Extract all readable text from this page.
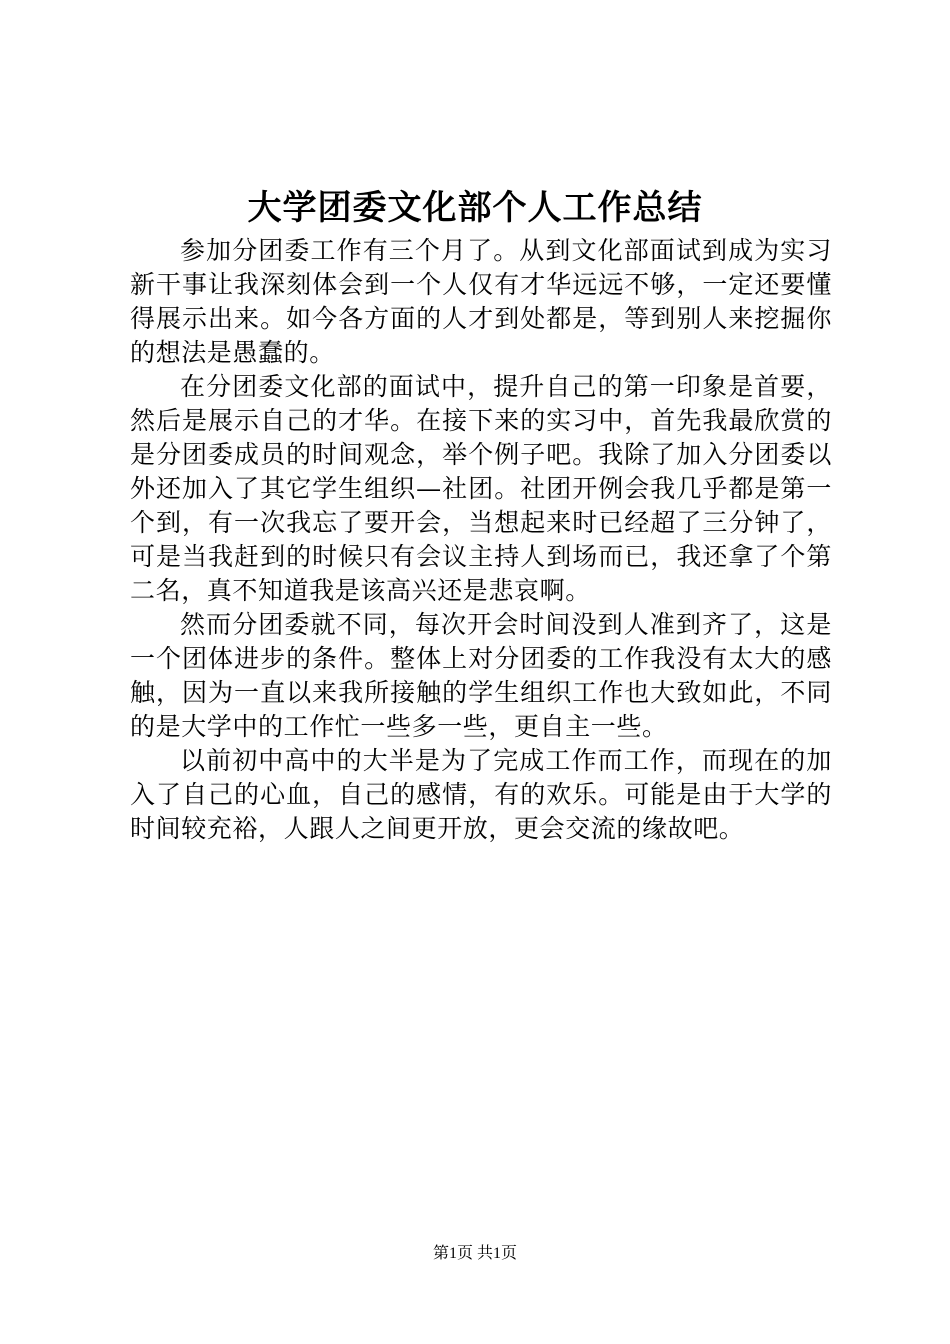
大学团委文化部个人工作总结

参加分团委工作有三个月了。从到文化部面试到成为实习新干事让我深刻体会到一个人仅有才华远远不够，一定还要懂得展示出来。如今各方面的人才到处都是，等到别人来挖掘你的想法是愚蠢的。

在分团委文化部的面试中，提升自己的第一印象是首要，然后是展示自己的才华。在接下来的实习中，首先我最欣赏的是分团委成员的时间观念，举个例子吧。我除了加入分团委以外还加入了其它学生组织—社团。社团开例会我几乎都是第一个到，有一次我忘了要开会，当想起来时已经超了三分钟了，可是当我赶到的时候只有会议主持人到场而已，我还拿了个第二名，真不知道我是该高兴还是悲哀啊。

然而分团委就不同，每次开会时间没到人准到齐了，这是一个团体进步的条件。整体上对分团委的工作我没有太大的感触，因为一直以来我所接触的学生组织工作也大致如此，不同的是大学中的工作忙一些多一些，更自主一些。

以前初中高中的大半是为了完成工作而工作，而现在的加入了自己的心血，自己的感情，有的欢乐。可能是由于大学的时间较充裕，人跟人之间更开放，更会交流的缘故吧。

第1页 共1页
